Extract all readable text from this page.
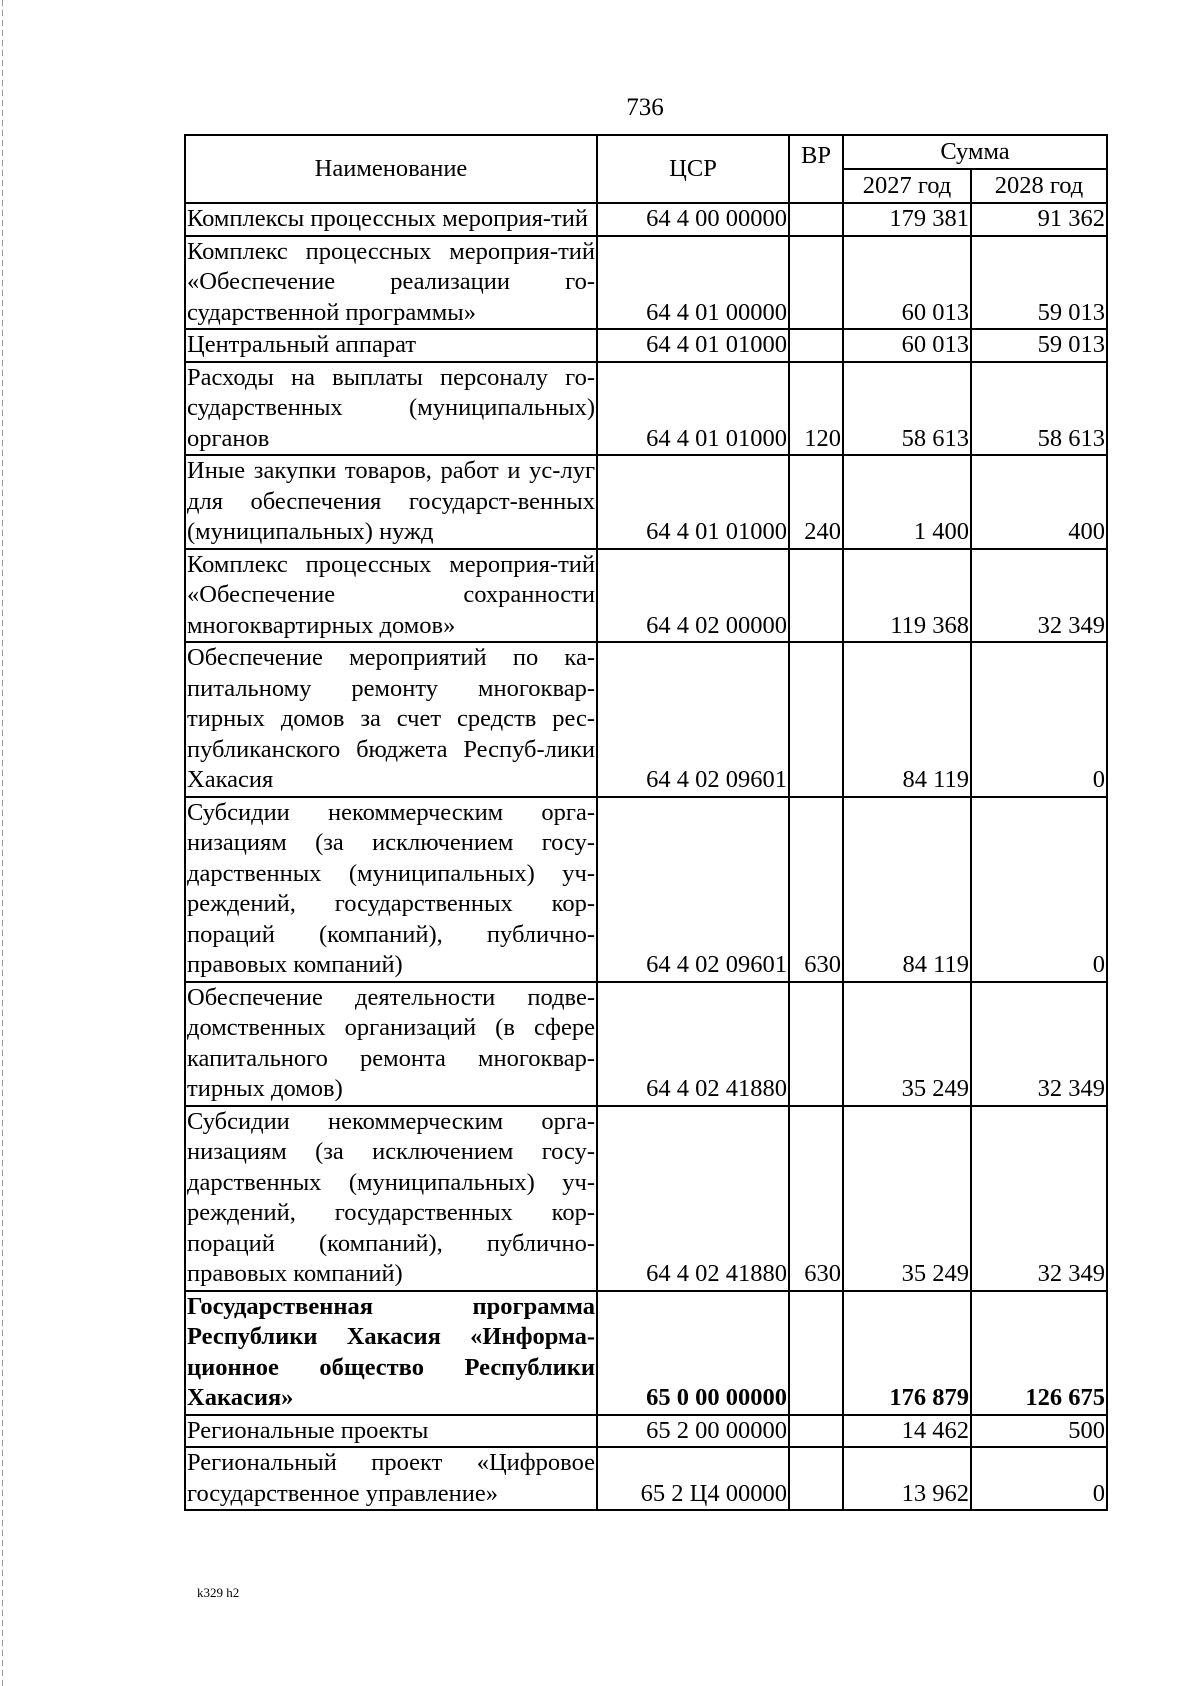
736
Наименование	ЦСР	ВР	Сумма	
			2027 год	2028 год
Комплексы процессных мероприя-тий	64 4 00 00000		179 381	91 362
Комплекс процессных мероприя-тий «Обеспечение реализации го-сударственной программы»	64 4 01 00000		60 013	59 013
Центральный аппарат	64 4 01 01000		60 013	59 013
Расходы на выплаты персоналу го-сударственных (муниципальных) органов	64 4 01 01000	120	58 613	58 613
Иные закупки товаров, работ и ус-луг для обеспечения государст-венных (муниципальных) нужд	64 4 01 01000	240	1 400	400
Комплекс процессных мероприя-тий «Обеспечение сохранности многоквартирных домов»	64 4 02 00000		119 368	32 349
Обеспечение мероприятий по ка-питальному ремонту многоквар-тирных домов за счет средств рес-публиканского бюджета Респуб-лики Хакасия	64 4 02 09601		84 119	0
Субсидии некоммерческим орга-низациям (за исключением госу-дарственных (муниципальных) уч-реждений, государственных кор-пораций (компаний), публично-правовых компаний)	64 4 02 09601	630	84 119	0
Обеспечение деятельности подве-домственных организаций (в сфере капитального ремонта многоквар-тирных домов)	64 4 02 41880		35 249	32 349
Субсидии некоммерческим орга-низациям (за исключением госу-дарственных (муниципальных) уч-реждений, государственных кор-пораций (компаний), публично-правовых компаний)	64 4 02 41880	630	35 249	32 349
Государственная программа Республики Хакасия «Информа-ционное общество Республики Хакасия»	65 0 00 00000		176 879	126 675
Региональные проекты	65 2 00 00000		14 462	500
Региональный проект «Цифровое государственное управление»	65 2 Ц4 00000		13 962	0
k329 h2
